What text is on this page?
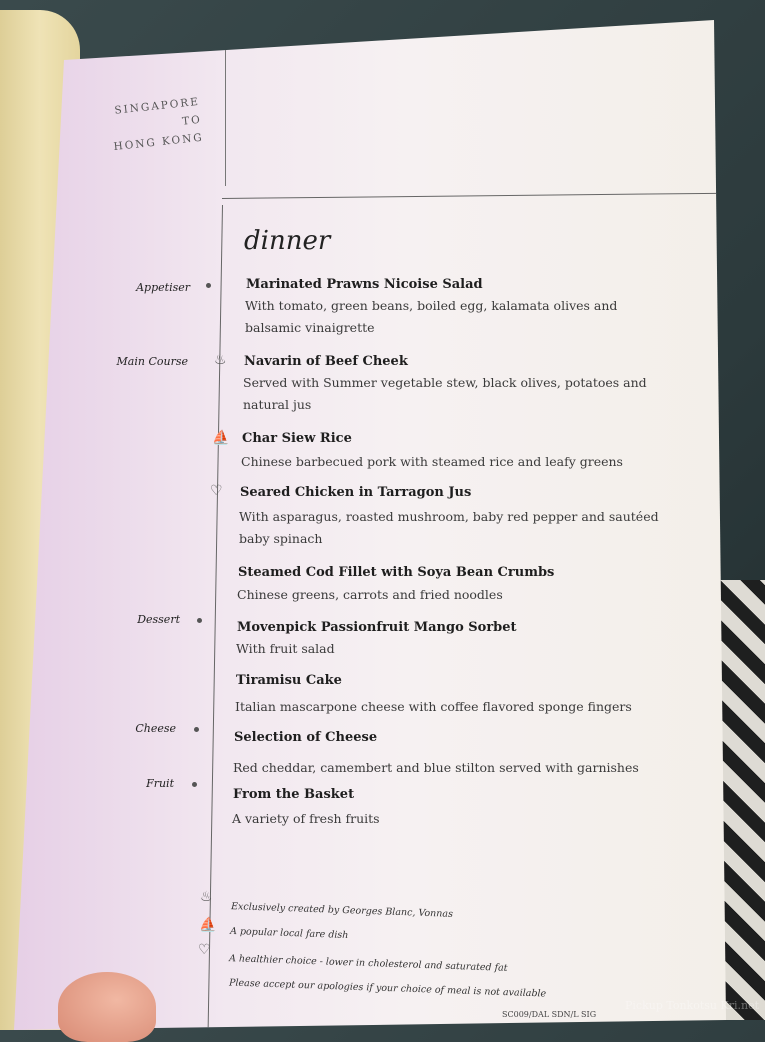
SINGAPORE TO
HONG KONG
dinner
Appetiser
Main Course
Dessert
Cheese
Fruit
♨
⛵
♡
Marinated Prawns Nicoise Salad
With tomato, green beans, boiled egg, kalamata olives and balsamic vinaigrette
Navarin of Beef Cheek
Served with Summer vegetable stew, black olives, potatoes and natural jus
Char Siew Rice
Chinese barbecued pork with steamed rice and leafy greens
Seared Chicken in Tarragon Jus
With asparagus, roasted mushroom, baby red pepper and sautéed baby spinach
Steamed Cod Fillet with Soya Bean Crumbs
Chinese greens, carrots and fried noodles
Movenpick Passionfruit Mango Sorbet
With fruit salad
Tiramisu Cake
Italian mascarpone cheese with coffee flavored sponge fingers
Selection of Cheese
Red cheddar, camembert and blue stilton served with garnishes
From the Basket
A variety of fresh fruits
♨
Exclusively created by Georges Blanc, Vonnas
⛵
A popular local fare dish
♡
A healthier choice - lower in cholesterol and saturated fat
Please accept our apologies if your choice of meal is not available
SC009/DAL SDN/L SIG
Pickup Tonkotsu Kri.net
